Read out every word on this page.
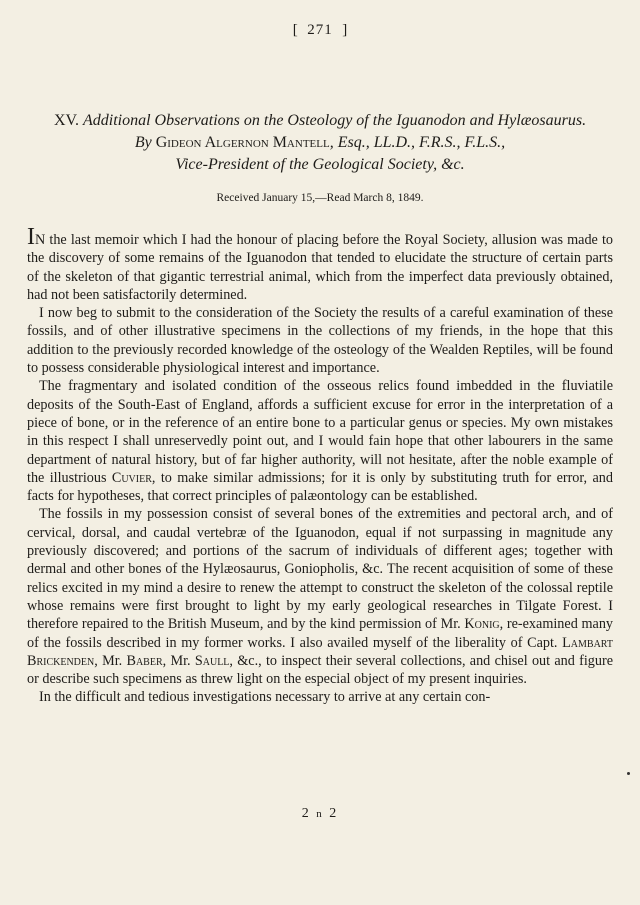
[ 271 ]
XV. Additional Observations on the Osteology of the Iguanodon and Hylæosaurus.
By Gideon Algernon Mantell, Esq., LL.D., F.R.S., F.L.S.,
Vice-President of the Geological Society, &c.
Received January 15,—Read March 8, 1849.

IN the last memoir which I had the honour of placing before the Royal Society, allusion was made to the discovery of some remains of the Iguanodon that tended to elucidate the structure of certain parts of the skeleton of that gigantic terrestrial animal, which from the imperfect data previously obtained, had not been satisfactorily determined.

I now beg to submit to the consideration of the Society the results of a careful examination of these fossils, and of other illustrative specimens in the collections of my friends, in the hope that this addition to the previously recorded knowledge of the osteology of the Wealden Reptiles, will be found to possess considerable physiological interest and importance.

The fragmentary and isolated condition of the osseous relics found imbedded in the fluviatile deposits of the South-East of England, affords a sufficient excuse for error in the interpretation of a piece of bone, or in the reference of an entire bone to a particular genus or species. My own mistakes in this respect I shall unreservedly point out, and I would fain hope that other labourers in the same department of natural history, but of far higher authority, will not hesitate, after the noble example of the illustrious Cuvier, to make similar admissions; for it is only by substituting truth for error, and facts for hypotheses, that correct principles of palæontology can be established.

The fossils in my possession consist of several bones of the extremities and pectoral arch, and of cervical, dorsal, and caudal vertebræ of the Iguanodon, equal if not surpassing in magnitude any previously discovered; and portions of the sacrum of individuals of different ages; together with dermal and other bones of the Hylæosaurus, Goniopholis, &c. The recent acquisition of some of these relics excited in my mind a desire to renew the attempt to construct the skeleton of the colossal reptile whose remains were first brought to light by my early geological researches in Tilgate Forest. I therefore repaired to the British Museum, and by the kind permission of Mr. Konig, re-examined many of the fossils described in my former works. I also availed myself of the liberality of Capt. Lambart Brickenden, Mr. Baber, Mr. Saull, &c., to inspect their several collections, and chisel out and figure or describe such specimens as threw light on the especial object of my present inquiries.

In the difficult and tedious investigations necessary to arrive at any certain con-

2 n 2
